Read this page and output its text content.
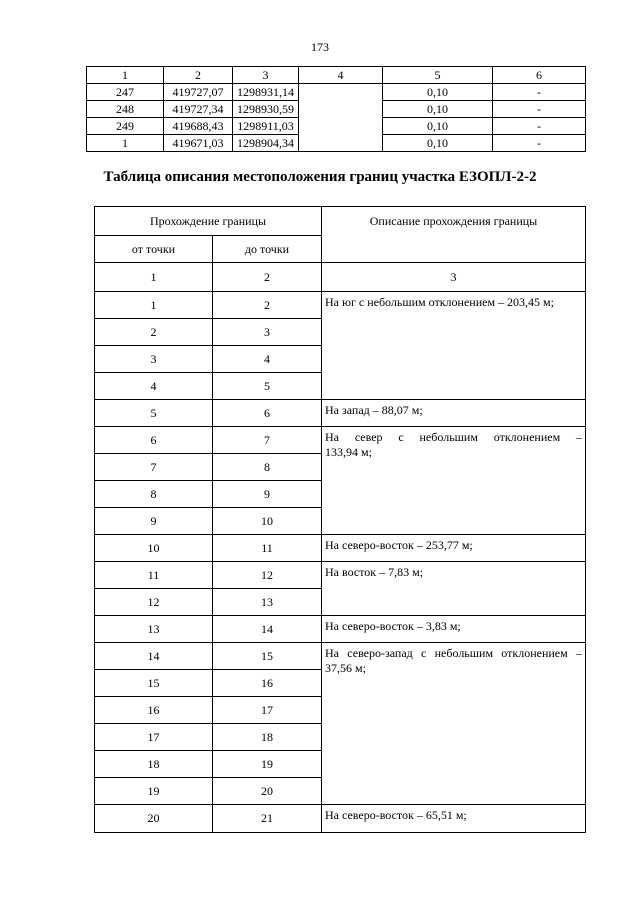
173
1	2	3	4	5	6
247	419727,07	1298931,14		0,10	-
248	419727,34	1298930,59		0,10	-
249	419688,43	1298911,03		0,10	-
1	419671,03	1298904,34		0,10	-
Таблица описания местоположения границ участка ЕЗОПЛ-2-2
Прохождение границы		Описание прохождения границы
от точки	до точки	
1	2	3
1	2	На юг с небольшим отклонением – 203,45 м;
2	3	
3	4	
4	5	
5	6	На запад – 88,07 м;
6	7	На север с небольшим отклонением –
133,94 м;

7	8	
8	9	
9	10	
10	11	На северо-восток – 253,77 м;
11	12	На восток – 7,83 м;
12	13	
13	14	На северо-восток – 3,83 м;
14	15	На северо-запад с небольшим отклонением –
37,56 м;

15	16	
16	17	
17	18	
18	19	
19	20	
20	21	На северо-восток – 65,51 м;
